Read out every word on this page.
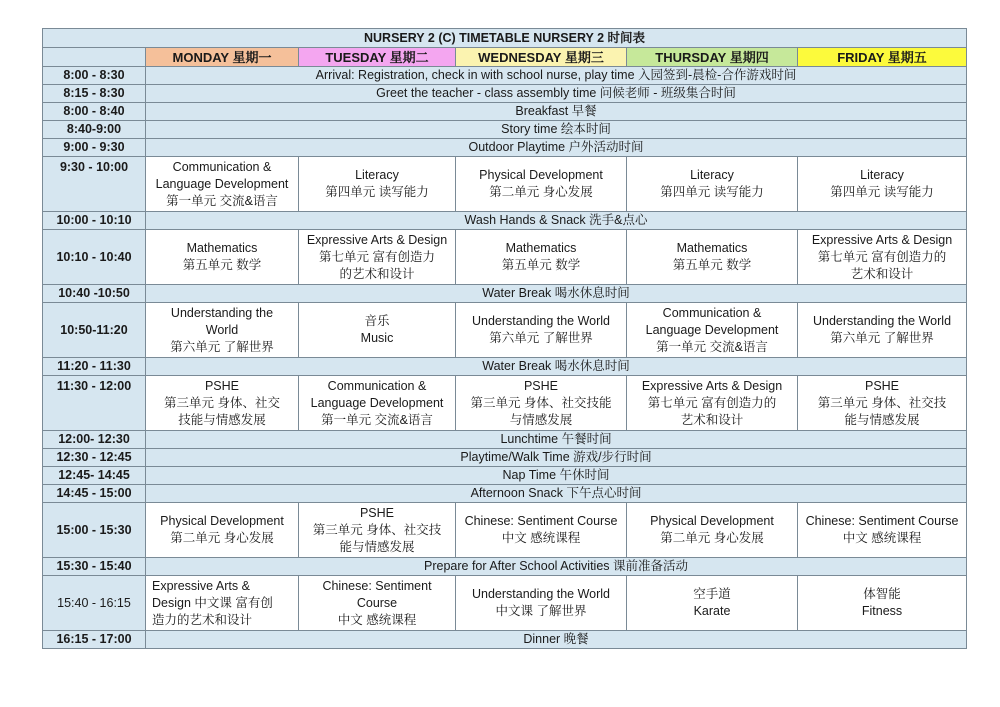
NURSERY 2 (C) TIMETABLE NURSERY 2 时间表					
	MONDAY 星期一	TUESDAY 星期二	WEDNESDAY 星期三	THURSDAY 星期四	FRIDAY 星期五
8:00 - 8:30	Arrival: Registration, check in with school nurse, play time 入园签到-晨检-合作游戏时间				
8:15 - 8:30	Greet the teacher - class assembly time 问候老师 - 班级集合时间				
8:00 - 8:40	Breakfast 早餐				
8:40-9:00	Story time 绘本时间				
9:00 - 9:30	Outdoor Playtime 户外活动时间				
9:30 - 10:00	Communication &
Language Development
第一单元 交流&语言	Literacy
第四单元 读写能力	Physical Development
第二单元 身心发展	Literacy
第四单元 读写能力	Literacy
第四单元 读写能力
10:00 - 10:10	Wash Hands & Snack 洗手&点心				
10:10 - 10:40	Mathematics
第五单元 数学	Expressive Arts & Design
第七单元 富有创造力
的艺术和设计	Mathematics
第五单元 数学	Mathematics
第五单元 数学	Expressive Arts & Design
第七单元 富有创造力的
艺术和设计
10:40 -10:50	Water Break 喝水休息时间				
10:50-11:20	Understanding the
World
第六单元 了解世界	音乐
Music	Understanding the World
第六单元 了解世界	Communication &
Language Development
第一单元 交流&语言	Understanding the World
第六单元 了解世界
11:20 - 11:30	Water Break 喝水休息时间				
11:30 - 12:00	PSHE
第三单元 身体、社交
技能与情感发展	Communication &
Language Development
第一单元 交流&语言	PSHE
第三单元 身体、社交技能
与情感发展	Expressive Arts & Design
第七单元 富有创造力的
艺术和设计	PSHE
第三单元 身体、社交技
能与情感发展
12:00- 12:30	Lunchtime 午餐时间				
12:30 - 12:45	Playtime/Walk Time 游戏/步行时间				
12:45- 14:45	Nap Time 午休时间				
14:45 - 15:00	Afternoon Snack 下午点心时间				
15:00 - 15:30	Physical Development
第二单元 身心发展	PSHE
第三单元 身体、社交技
能与情感发展	Chinese: Sentiment Course
中文 感统课程	Physical Development
第二单元 身心发展	Chinese: Sentiment Course
中文 感统课程
15:30 - 15:40	Prepare for After School Activities 课前准备活动				
15:40 - 16:15	Expressive Arts &
Design 中文课 富有创
造力的艺术和设计	Chinese: Sentiment
Course
中文 感统课程	Understanding the World
中文课 了解世界	空手道
Karate	体智能
Fitness
16:15 - 17:00	Dinner 晚餐				
